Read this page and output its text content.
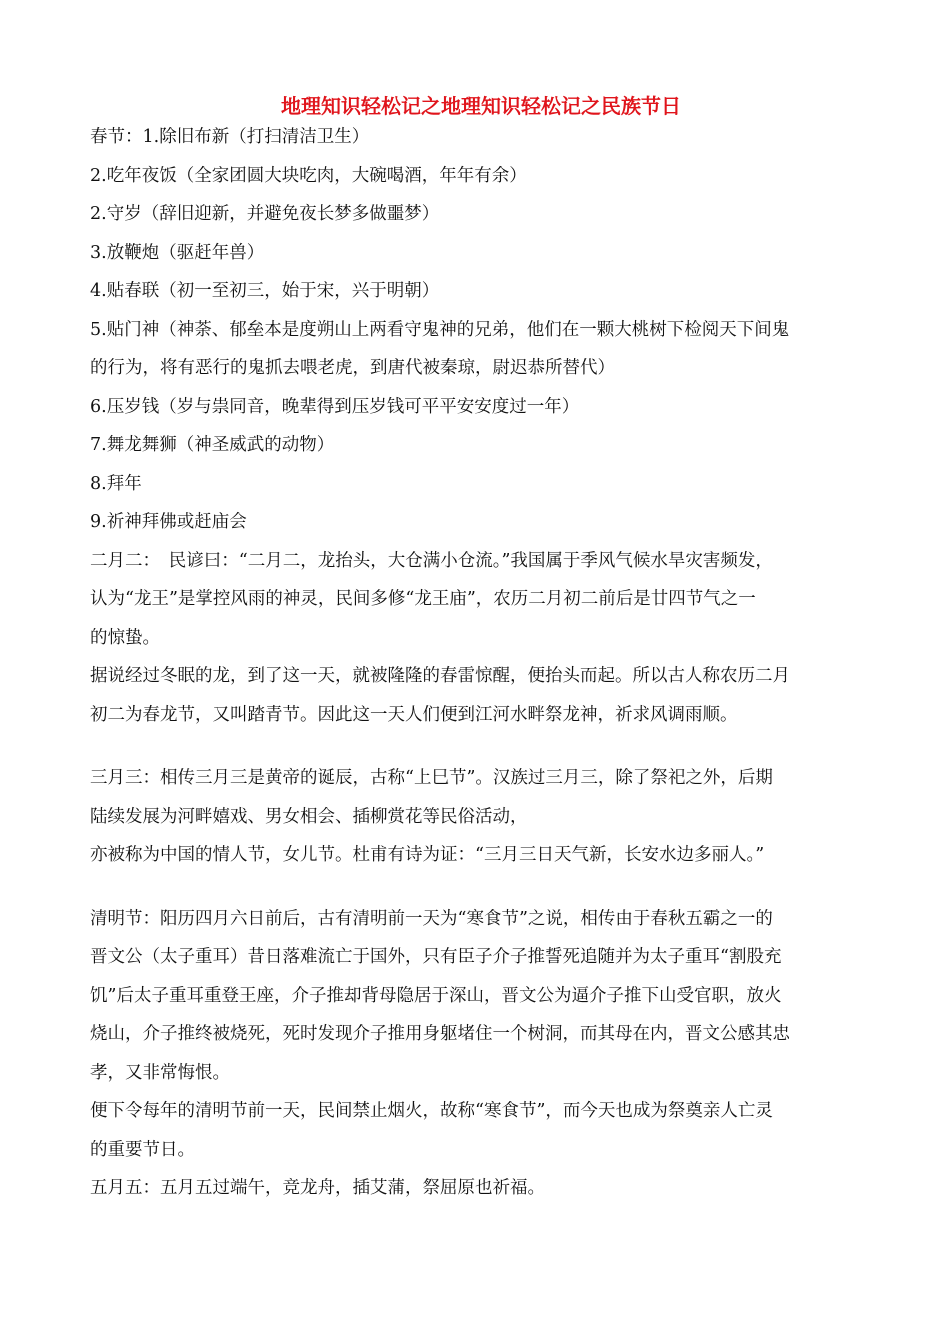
地理知识轻松记之地理知识轻松记之民族节日
春节：1.除旧布新（打扫清洁卫生）
2.吃年夜饭（全家团圆大块吃肉，大碗喝酒，年年有余）
2.守岁（辞旧迎新，并避免夜长梦多做噩梦）
3.放鞭炮（驱赶年兽）
4.贴春联（初一至初三，始于宋，兴于明朝）
5.贴门神（神荼、郁垒本是度朔山上两看守鬼神的兄弟，他们在一颗大桃树下检阅天下间鬼
的行为，将有恶行的鬼抓去喂老虎，到唐代被秦琼，尉迟恭所替代）
6.压岁钱（岁与祟同音，晚辈得到压岁钱可平平安安度过一年）
7.舞龙舞狮（神圣威武的动物）
8.拜年
9.祈神拜佛或赶庙会
二月二：　民谚曰：“二月二，龙抬头，大仓满小仓流。”我国属于季风气候水旱灾害频发，
认为“龙王”是掌控风雨的神灵，民间多修“龙王庙”，农历二月初二前后是廿四节气之一
的惊蛰。
据说经过冬眠的龙，到了这一天，就被隆隆的春雷惊醒，便抬头而起。所以古人称农历二月
初二为春龙节，又叫踏青节。因此这一天人们便到江河水畔祭龙神，祈求风调雨顺。
三月三：相传三月三是黄帝的诞辰，古称“上巳节”。汉族过三月三，除了祭祀之外，后期
陆续发展为河畔嬉戏、男女相会、插柳赏花等民俗活动，
亦被称为中国的情人节，女儿节。杜甫有诗为证：“三月三日天气新，长安水边多丽人。”
清明节：阳历四月六日前后，古有清明前一天为“寒食节”之说，相传由于春秋五霸之一的
晋文公（太子重耳）昔日落难流亡于国外，只有臣子介子推誓死追随并为太子重耳“割股充
饥”后太子重耳重登王座，介子推却背母隐居于深山，晋文公为逼介子推下山受官职，放火
烧山，介子推终被烧死，死时发现介子推用身躯堵住一个树洞，而其母在内，晋文公感其忠
孝，又非常悔恨。
便下令每年的清明节前一天，民间禁止烟火，故称“寒食节”，而今天也成为祭奠亲人亡灵
的重要节日。
五月五：五月五过端午，竞龙舟，插艾蒲，祭屈原也祈福。
